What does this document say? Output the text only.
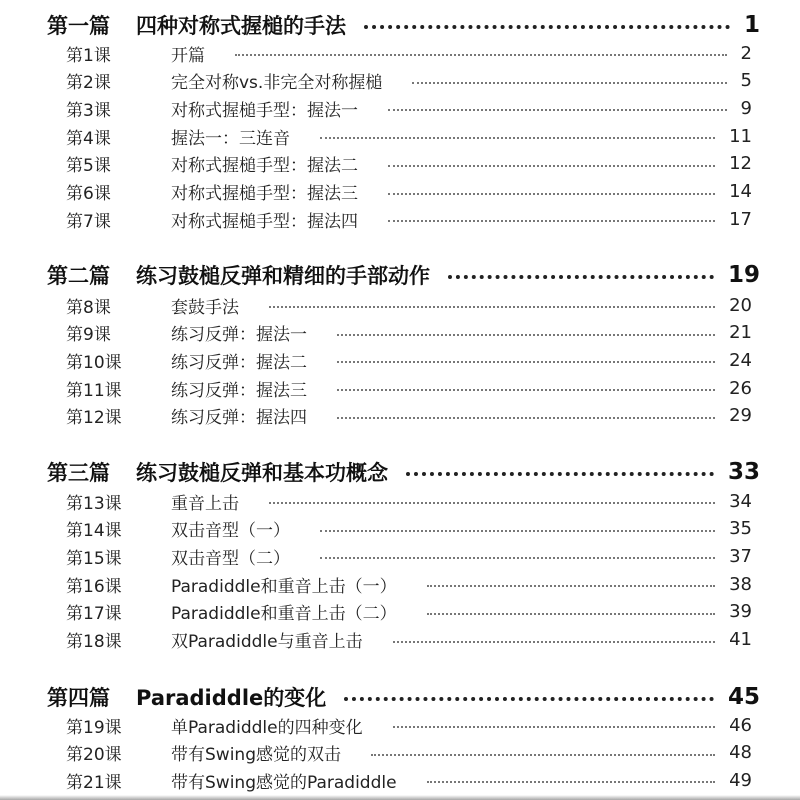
第一篇 四种对称式握槌的手法	1
第1课	开篇	2
第2课	完全对称vs.非完全对称握槌	5
第3课	对称式握槌手型：握法一	9
第4课	握法一：三连音	11
第5课	对称式握槌手型：握法二	12
第6课	对称式握槌手型：握法三	14
第7课	对称式握槌手型：握法四	17
第二篇 练习鼓槌反弹和精细的手部动作	19
第8课	套鼓手法	20
第9课	练习反弹：握法一	21
第10课	练习反弹：握法二	24
第11课	练习反弹：握法三	26
第12课	练习反弹：握法四	29
第三篇 练习鼓槌反弹和基本功概念	33
第13课	重音上击	34
第14课	双击音型（一）	35
第15课	双击音型（二）	37
第16课	Paradiddle和重音上击（一）	38
第17课	Paradiddle和重音上击（二）	39
第18课	双Paradiddle与重音上击	41
第四篇 Paradiddle的变化	45
第19课	单Paradiddle的四种变化	46
第20课	带有Swing感觉的双击	48
第21课	带有Swing感觉的Paradiddle	49
